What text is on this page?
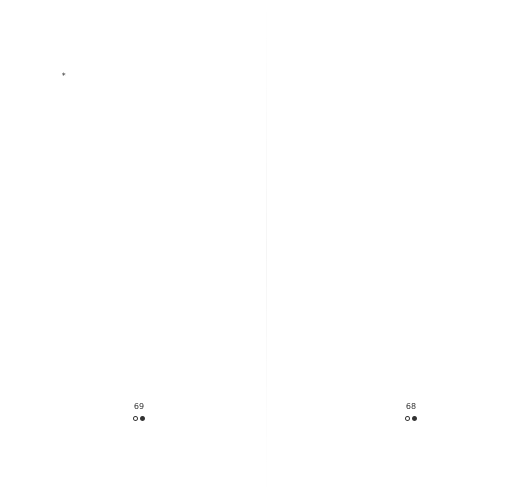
68
*
69
